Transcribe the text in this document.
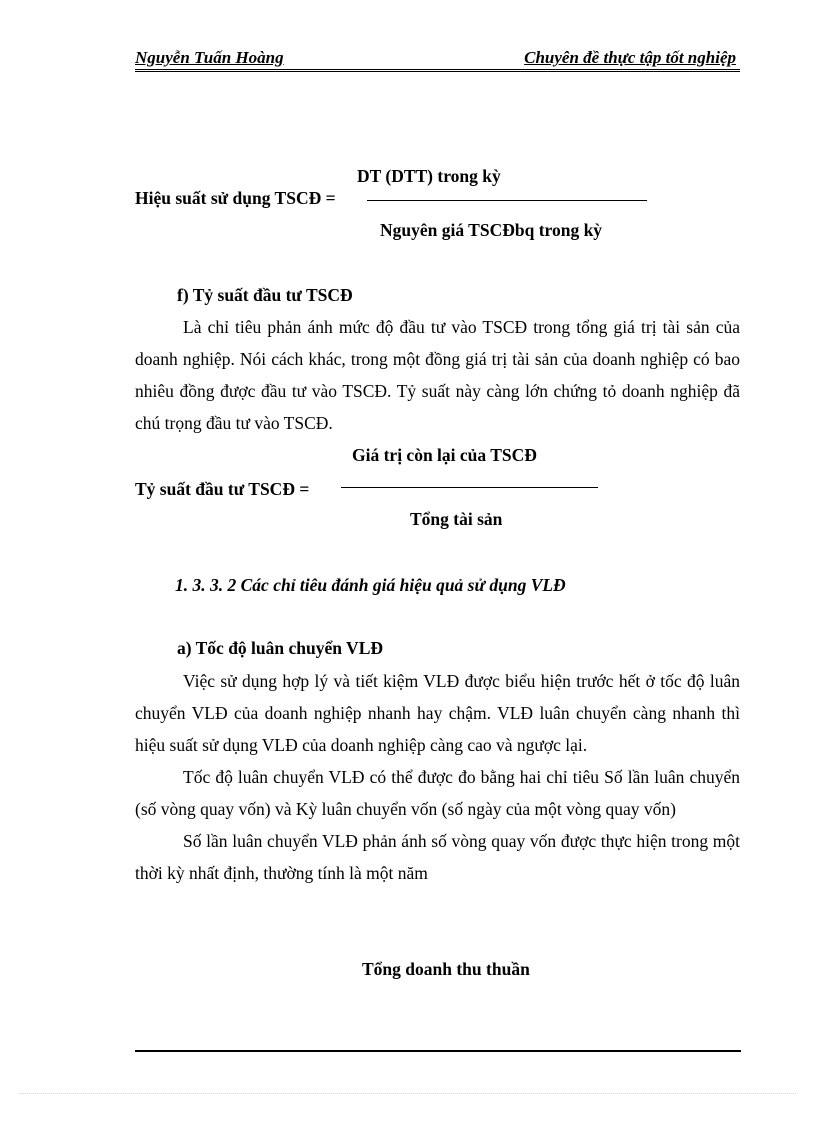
Nguyễn Tuấn Hoàng	Chuyên đề thực tập tốt nghiệp
DT (DTT) trong kỳ
Hiệu suất sử dụng TSCĐ =
Nguyên giá TSCĐbq trong kỳ
f) Tỷ suất đầu tư TSCĐ

Là chỉ tiêu phản ánh mức độ đầu tư vào TSCĐ trong tổng giá trị tài sản của doanh nghiệp. Nói cách khác, trong một đồng giá trị tài sản của doanh nghiệp có bao nhiêu đồng được đầu tư vào TSCĐ. Tỷ suất này càng lớn chứng tỏ doanh nghiệp đã chú trọng đầu tư vào TSCĐ.

Giá trị còn lại của TSCĐ
Tỷ suất đầu tư TSCĐ =
Tổng tài sản
1. 3. 3. 2 Các chỉ tiêu đánh giá hiệu quả sử dụng VLĐ
a) Tốc độ luân chuyển VLĐ

Việc sử dụng hợp lý và tiết kiệm VLĐ được biểu hiện trước hết ở tốc độ luân chuyển VLĐ của doanh nghiệp nhanh hay chậm. VLĐ luân chuyển càng nhanh thì hiệu suất sử dụng VLĐ của doanh nghiệp càng cao và ngược lại.

Tốc độ luân chuyển VLĐ có thể được đo bằng hai chỉ tiêu Số lần luân chuyển (số vòng quay vốn) và Kỳ luân chuyển vốn (số ngày của một vòng quay vốn)

Số lần luân chuyển VLĐ phản ánh số vòng quay vốn được thực hiện trong một thời kỳ nhất định, thường tính là một năm

Tổng doanh thu thuần
